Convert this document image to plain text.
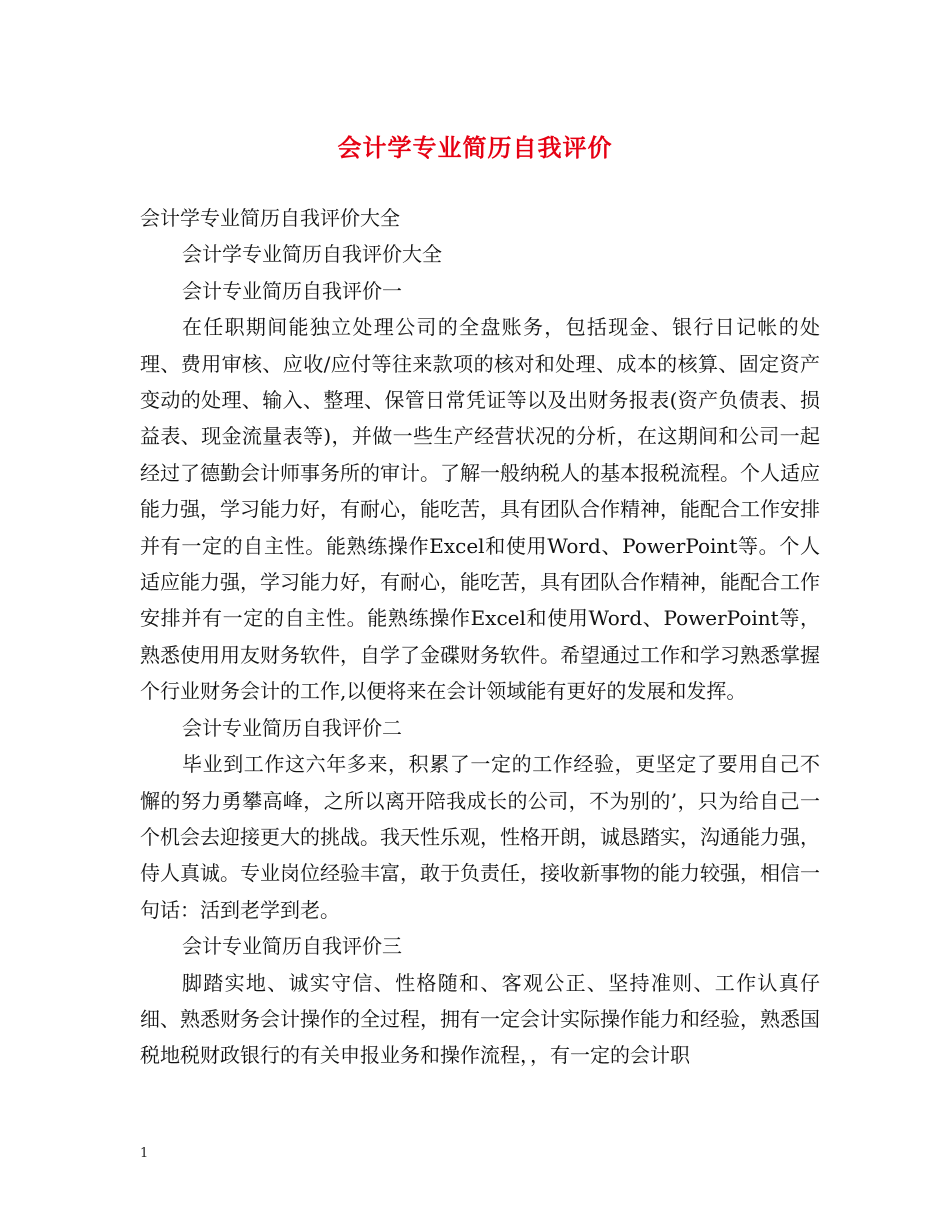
会计学专业简历自我评价

会计学专业简历自我评价大全

会计学专业简历自我评价大全

会计专业简历自我评价一

在任职期间能独立处理公司的全盘账务，包括现金、银行日记帐的处理、费用审核、应收/应付等往来款项的核对和处理、成本的核算、固定资产变动的处理、输入、整理、保管日常凭证等以及出财务报表(资产负债表、损益表、现金流量表等)，并做一些生产经营状况的分析，在这期间和公司一起经过了德勤会计师事务所的审计。了解一般纳税人的基本报税流程。个人适应能力强，学习能力好，有耐心，能吃苦，具有团队合作精神，能配合工作安排并有一定的自主性。能熟练操作Excel和使用Word、PowerPoint等。个人适应能力强，学习能力好，有耐心，能吃苦，具有团队合作精神，能配合工作安排并有一定的自主性。能熟练操作Excel和使用Word、PowerPoint等，熟悉使用用友财务软件，自学了金碟财务软件。希望通过工作和学习熟悉掌握个行业财务会计的工作,以便将来在会计领域能有更好的发展和发挥。

会计专业简历自我评价二

毕业到工作这六年多来，积累了一定的工作经验，更坚定了要用自己不懈的努力勇攀高峰，之所以离开陪我成长的公司，不为别的’，只为给自己一个机会去迎接更大的挑战。我天性乐观，性格开朗，诚恳踏实，沟通能力强，侍人真诚。专业岗位经验丰富，敢于负责任，接收新事物的能力较强，相信一句话：活到老学到老。

会计专业简历自我评价三

脚踏实地、诚实守信、性格随和、客观公正、坚持准则、工作认真仔细、熟悉财务会计操作的全过程，拥有一定会计实际操作能力和经验，熟悉国税地税财政银行的有关申报业务和操作流程，，有一定的会计职

1
